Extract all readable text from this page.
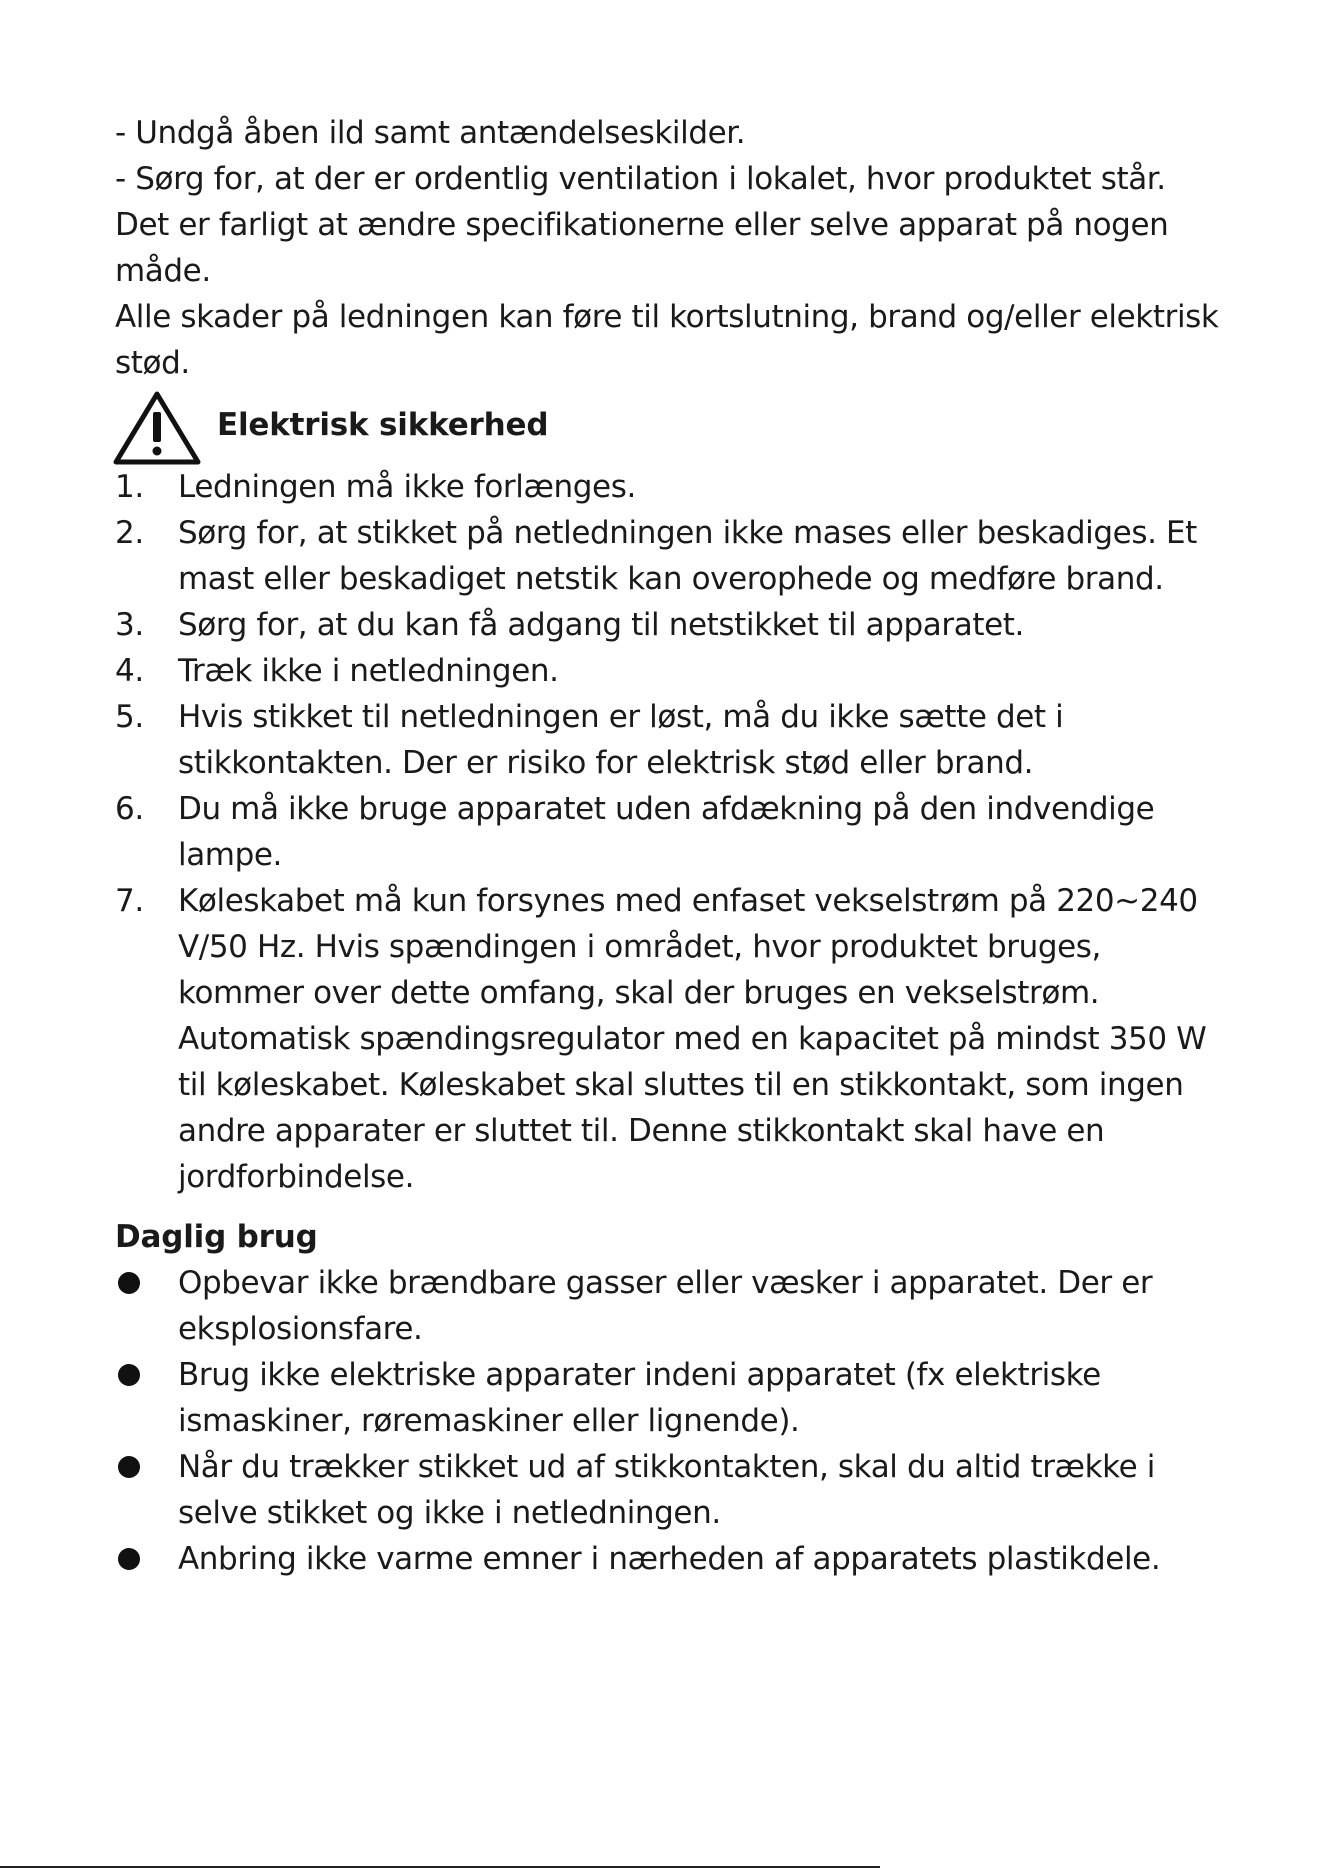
- Undgå åben ild samt antændelseskilder.

- Sørg for, at der er ordentlig ventilation i lokalet, hvor produktet står.

Det er farligt at ændre specifikationerne eller selve apparat på nogen måde.

Alle skader på ledningen kan føre til kortslutning, brand og/eller elektrisk stød.

Elektrisk sikkerhed
1. Ledningen må ikke forlænges.
2. Sørg for, at stikket på netledningen ikke mases eller beskadiges. Et mast eller beskadiget netstik kan overophede og medføre brand.
3. Sørg for, at du kan få adgang til netstikket til apparatet.
4. Træk ikke i netledningen.
5. Hvis stikket til netledningen er løst, må du ikke sætte det i stikkontakten. Der er risiko for elektrisk stød eller brand.
6. Du må ikke bruge apparatet uden afdækning på den indvendige lampe.
7. Køleskabet må kun forsynes med enfaset vekselstrøm på 220~240 V/50 Hz. Hvis spændingen i området, hvor produktet bruges, kommer over dette omfang, skal der bruges en vekselstrøm. Automatisk spændingsregulator med en kapacitet på mindst 350 W til køleskabet. Køleskabet skal sluttes til en stikkontakt, som ingen andre apparater er sluttet til. Denne stikkontakt skal have en jordforbindelse.

Daglig brug

Opbevar ikke brændbare gasser eller væsker i apparatet. Der er eksplosionsfare.
Brug ikke elektriske apparater indeni apparatet (fx elektriske ismaskiner, røremaskiner eller lignende).
Når du trækker stikket ud af stikkontakten, skal du altid trække i selve stikket og ikke i netledningen.
Anbring ikke varme emner i nærheden af apparatets plastikdele.
